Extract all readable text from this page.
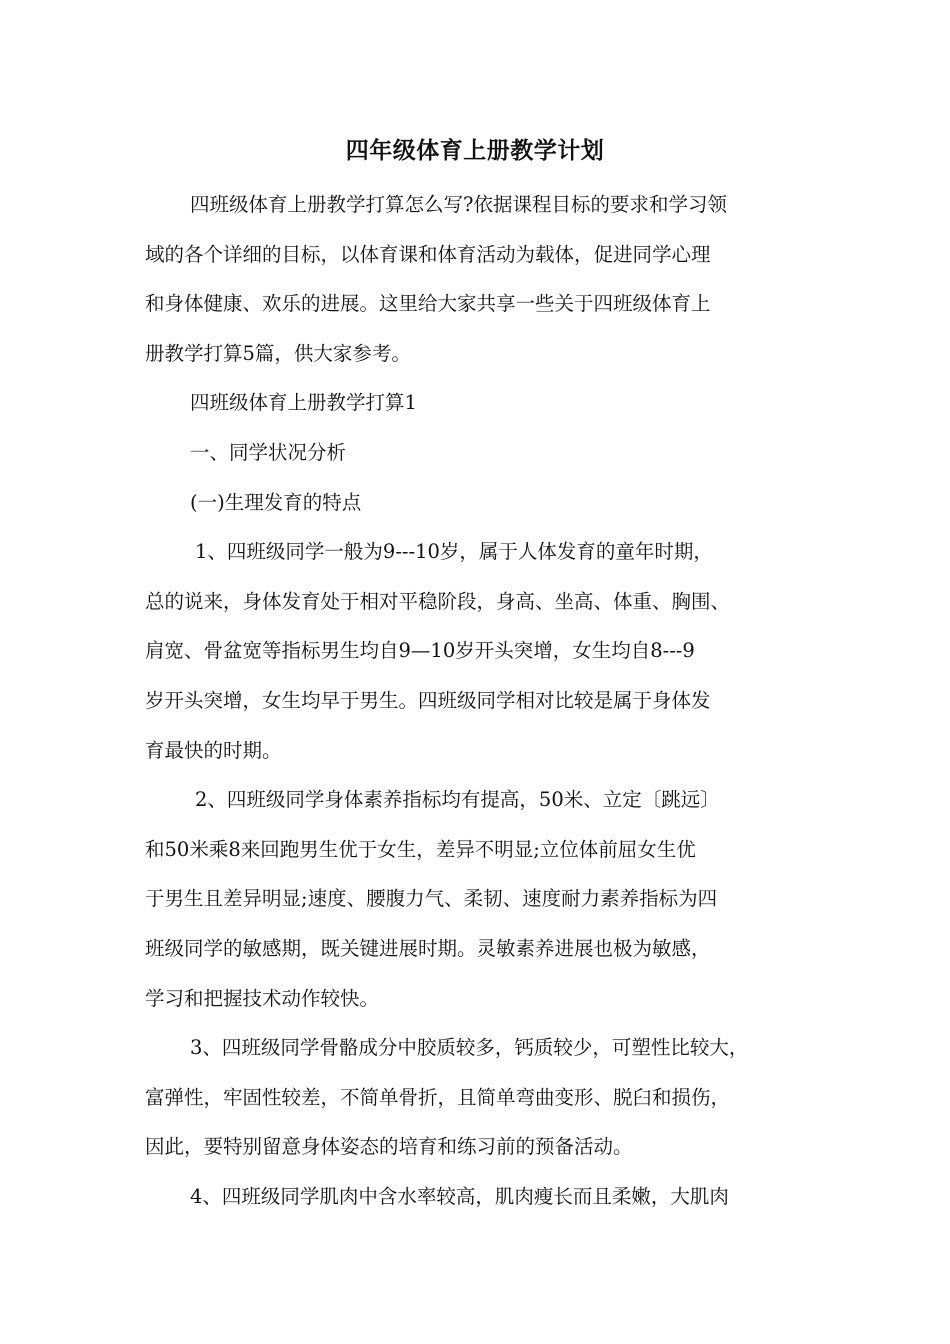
四年级体育上册教学计划

四班级体育上册教学打算怎么写?依据课程目标的要求和学习领

域的各个详细的目标，以体育课和体育活动为载体，促进同学心理

和身体健康、欢乐的进展。这里给大家共享一些关于四班级体育上

册教学打算5篇，供大家参考。

四班级体育上册教学打算1

一、同学状况分析

(一)生理发育的特点

1、四班级同学一般为9---10岁，属于人体发育的童年时期，

总的说来，身体发育处于相对平稳阶段，身高、坐高、体重、胸围、

肩宽、骨盆宽等指标男生均自9—10岁开头突增，女生均自8---9

岁开头突增，女生均早于男生。四班级同学相对比较是属于身体发

育最快的时期。

2、四班级同学身体素养指标均有提高，50米、立定〔跳远〕

和50米乘8来回跑男生优于女生，差异不明显;立位体前屈女生优

于男生且差异明显;速度、腰腹力气、柔韧、速度耐力素养指标为四

班级同学的敏感期，既关键进展时期。灵敏素养进展也极为敏感，

学习和把握技术动作较快。

3、四班级同学骨骼成分中胶质较多，钙质较少，可塑性比较大，

富弹性，牢固性较差，不简单骨折，且简单弯曲变形、脱臼和损伤，

因此，要特别留意身体姿态的培育和练习前的预备活动。

4、四班级同学肌肉中含水率较高，肌肉瘦长而且柔嫩，大肌肉
